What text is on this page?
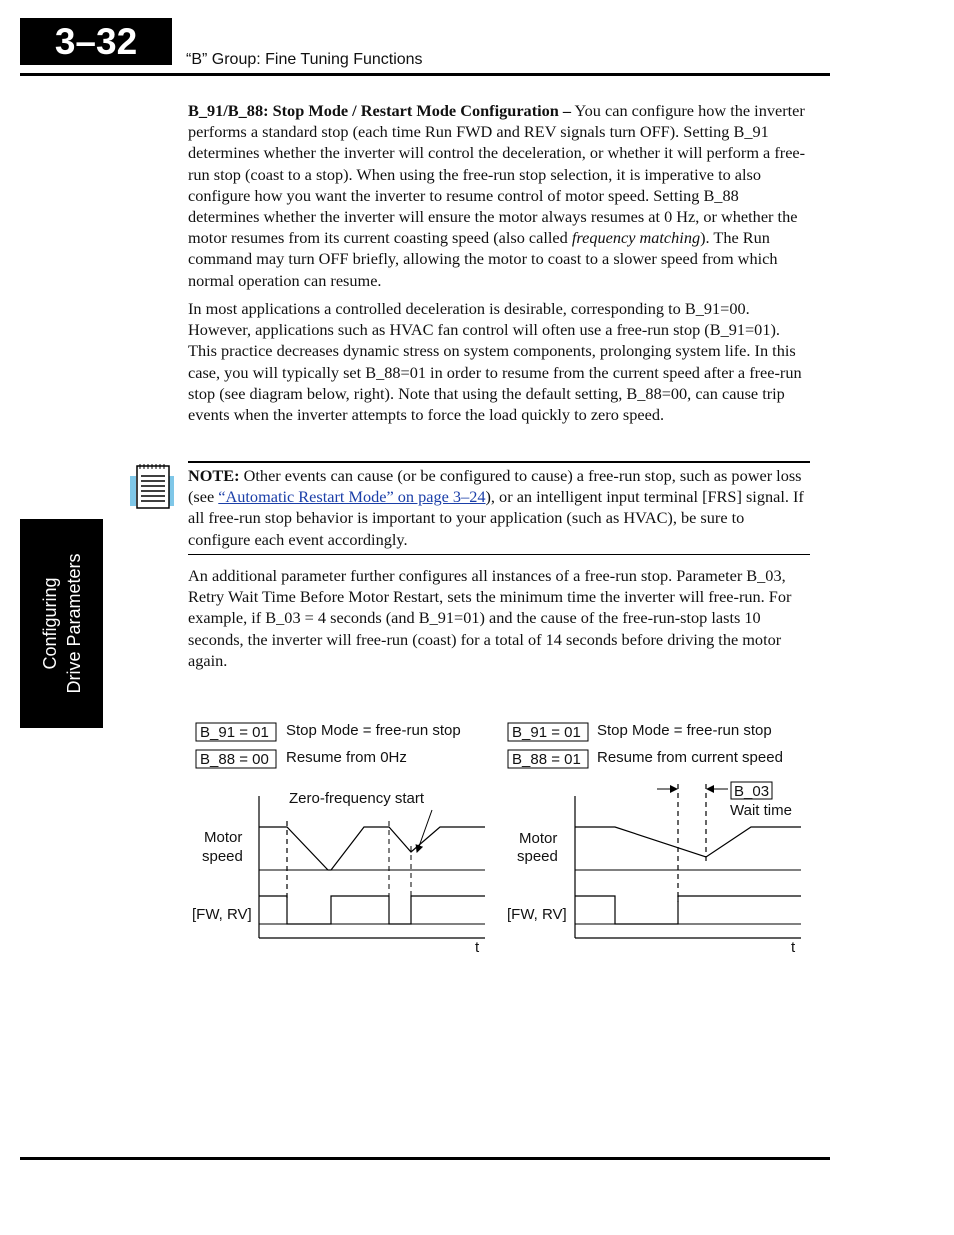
3–32	“B” Group: Fine Tuning Functions
Configuring Drive Parameters

B_91/B_88: Stop Mode / Restart Mode Configuration – You can configure how the inverter performs a standard stop (each time Run FWD and REV signals turn OFF). Setting B_91 determines whether the inverter will control the deceleration, or whether it will perform a free-run stop (coast to a stop). When using the free-run stop selection, it is imperative to also configure how you want the inverter to resume control of motor speed. Setting B_88 determines whether the inverter will ensure the motor always resumes at 0 Hz, or whether the motor resumes from its current coasting speed (also called frequency matching). The Run command may turn OFF briefly, allowing the motor to coast to a slower speed from which normal operation can resume.

In most applications a controlled deceleration is desirable, corresponding to B_91=00. However, applications such as HVAC fan control will often use a free-run stop (B_91=01). This practice decreases dynamic stress on system components, prolonging system life. In this case, you will typically set B_88=01 in order to resume from the current speed after a free-run stop (see diagram below, right). Note that using the default setting, B_88=00, can cause trip events when the inverter attempts to force the load quickly to zero speed.

NOTE: Other events can cause (or be configured to cause) a free-run stop, such as power loss (see “Automatic Restart Mode” on page 3–24), or an intelligent input terminal [FRS] signal. If all free-run stop behavior is important to your application (such as HVAC), be sure to configure each event accordingly.

An additional parameter further configures all instances of a free-run stop. Parameter B_03, Retry Wait Time Before Motor Restart, sets the minimum time the inverter will free-run. For example, if B_03 = 4 seconds (and B_91=01) and the cause of the free-run-stop lasts 10 seconds, the inverter will free-run (coast) for a total of 14 seconds before driving the motor again.

B_91 = 01 Stop Mode = free-run stop
B_88 = 00 Resume from 0Hz
Zero-frequency start
Motor
speed
[FW, RV]
t
B_91 = 01 Stop Mode = free-run stop
B_88 = 01 Resume from current speed
B_03
Wait time
Motor
speed
[FW, RV]
t
